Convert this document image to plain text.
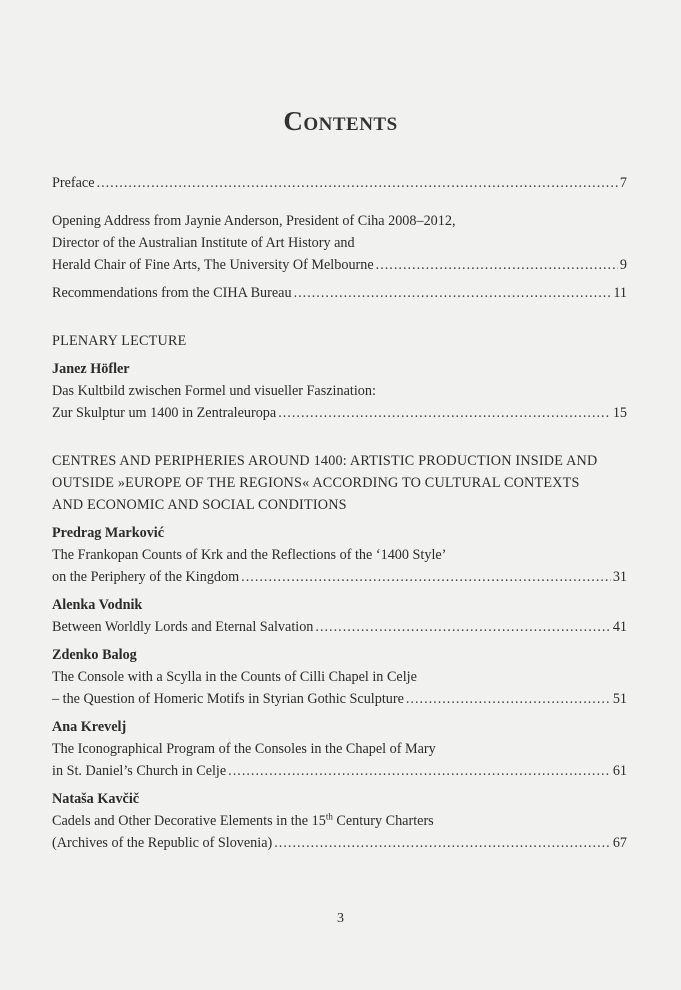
Contents
Preface .....	7
Opening Address from Jaynie Anderson, President of Ciha 2008–2012,
Director of the Australian Institute of Art History and
Herald Chair of Fine Arts, The University Of Melbourne .....	9
Recommendations from the CIHA Bureau .....	11
PLENARY LECTURE
Janez Höfler
Das Kultbild zwischen Formel und visueller Faszination:
Zur Skulptur um 1400 in Zentraleuropa .....	15
CENTRES AND PERIPHERIES AROUND 1400: ARTISTIC PRODUCTION INSIDE AND
OUTSIDE »EUROPE OF THE REGIONS« ACCORDING TO CULTURAL CONTEXTS
AND ECONOMIC AND SOCIAL CONDITIONS
Predrag Marković
The Frankopan Counts of Krk and the Reflections of the ‘1400 Style’
on the Periphery of the Kingdom .....	31
Alenka Vodnik
Between Worldly Lords and Eternal Salvation .....	41
Zdenko Balog
The Console with a Scylla in the Counts of Cilli Chapel in Celje
– the Question of Homeric Motifs in Styrian Gothic Sculpture .....	51
Ana Krevelj
The Iconographical Program of the Consoles in the Chapel of Mary
in St. Daniel’s Church in Celje .....	61
Nataša Kavčič
Cadels and Other Decorative Elements in the 15th Century Charters
(Archives of the Republic of Slovenia) .....	67
3
